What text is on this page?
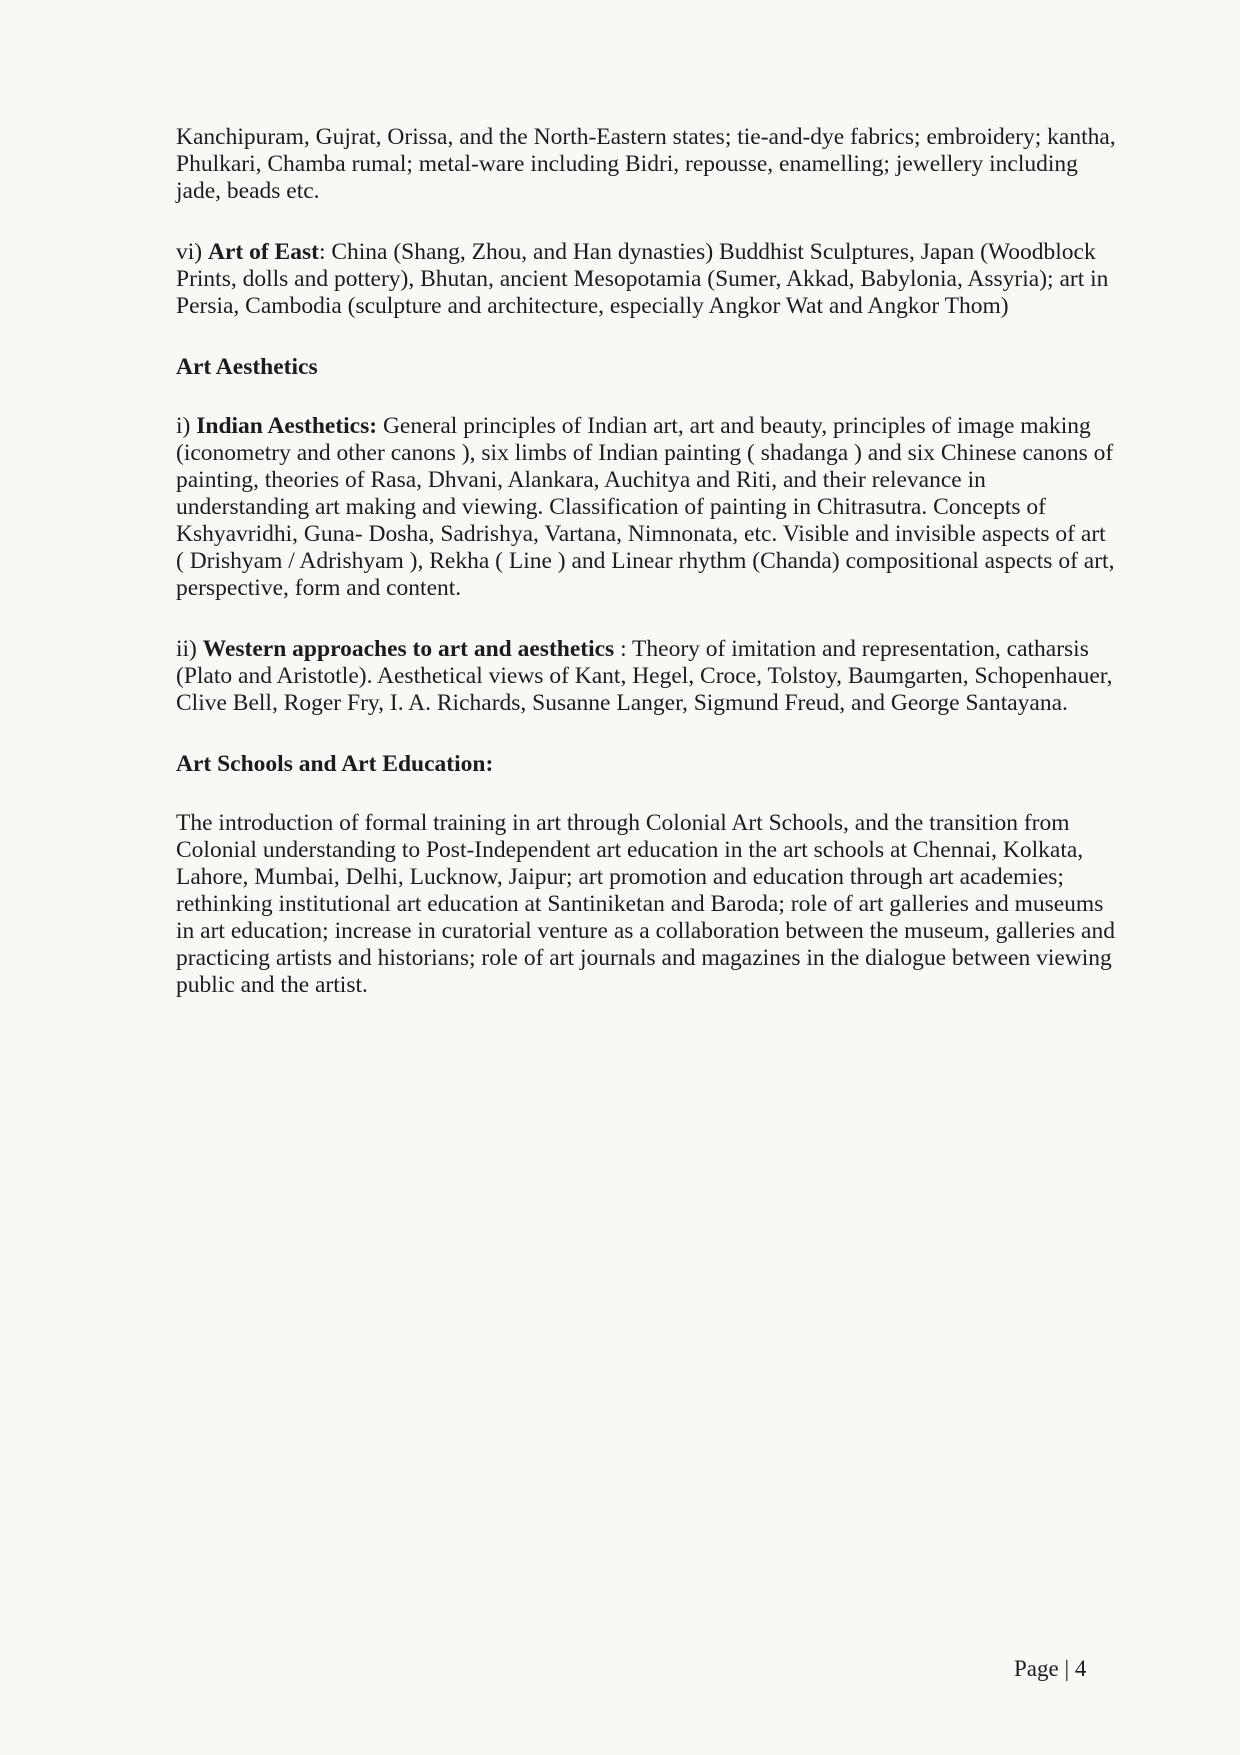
Kanchipuram, Gujrat, Orissa, and the North-Eastern states; tie-and-dye fabrics; embroidery; kantha, Phulkari, Chamba rumal; metal-ware including Bidri, repousse, enamelling; jewellery including jade, beads etc.

vi) Art of East: China (Shang, Zhou, and Han dynasties) Buddhist Sculptures, Japan (Woodblock Prints, dolls and pottery), Bhutan, ancient Mesopotamia (Sumer, Akkad, Babylonia, Assyria); art in Persia, Cambodia (sculpture and architecture, especially Angkor Wat and Angkor Thom)

Art Aesthetics

i) Indian Aesthetics: General principles of Indian art, art and beauty, principles of image making (iconometry and other canons ), six limbs of Indian painting ( shadanga ) and six Chinese canons of painting, theories of Rasa, Dhvani, Alankara, Auchitya and Riti, and their relevance in understanding art making and viewing. Classification of painting in Chitrasutra. Concepts of Kshyavridhi, Guna- Dosha, Sadrishya, Vartana, Nimnonata, etc. Visible and invisible aspects of art ( Drishyam / Adrishyam ), Rekha ( Line ) and Linear rhythm (Chanda) compositional aspects of art, perspective, form and content.

ii) Western approaches to art and aesthetics : Theory of imitation and representation, catharsis (Plato and Aristotle). Aesthetical views of Kant, Hegel, Croce, Tolstoy, Baumgarten, Schopenhauer, Clive Bell, Roger Fry, I. A. Richards, Susanne Langer, Sigmund Freud, and George Santayana.

Art Schools and Art Education:

The introduction of formal training in art through Colonial Art Schools, and the transition from Colonial understanding to Post-Independent art education in the art schools at Chennai, Kolkata, Lahore, Mumbai, Delhi, Lucknow, Jaipur; art promotion and education through art academies; rethinking institutional art education at Santiniketan and Baroda; role of art galleries and museums in art education; increase in curatorial venture as a collaboration between the museum, galleries and practicing artists and historians; role of art journals and magazines in the dialogue between viewing public and the artist.

Page | 4
